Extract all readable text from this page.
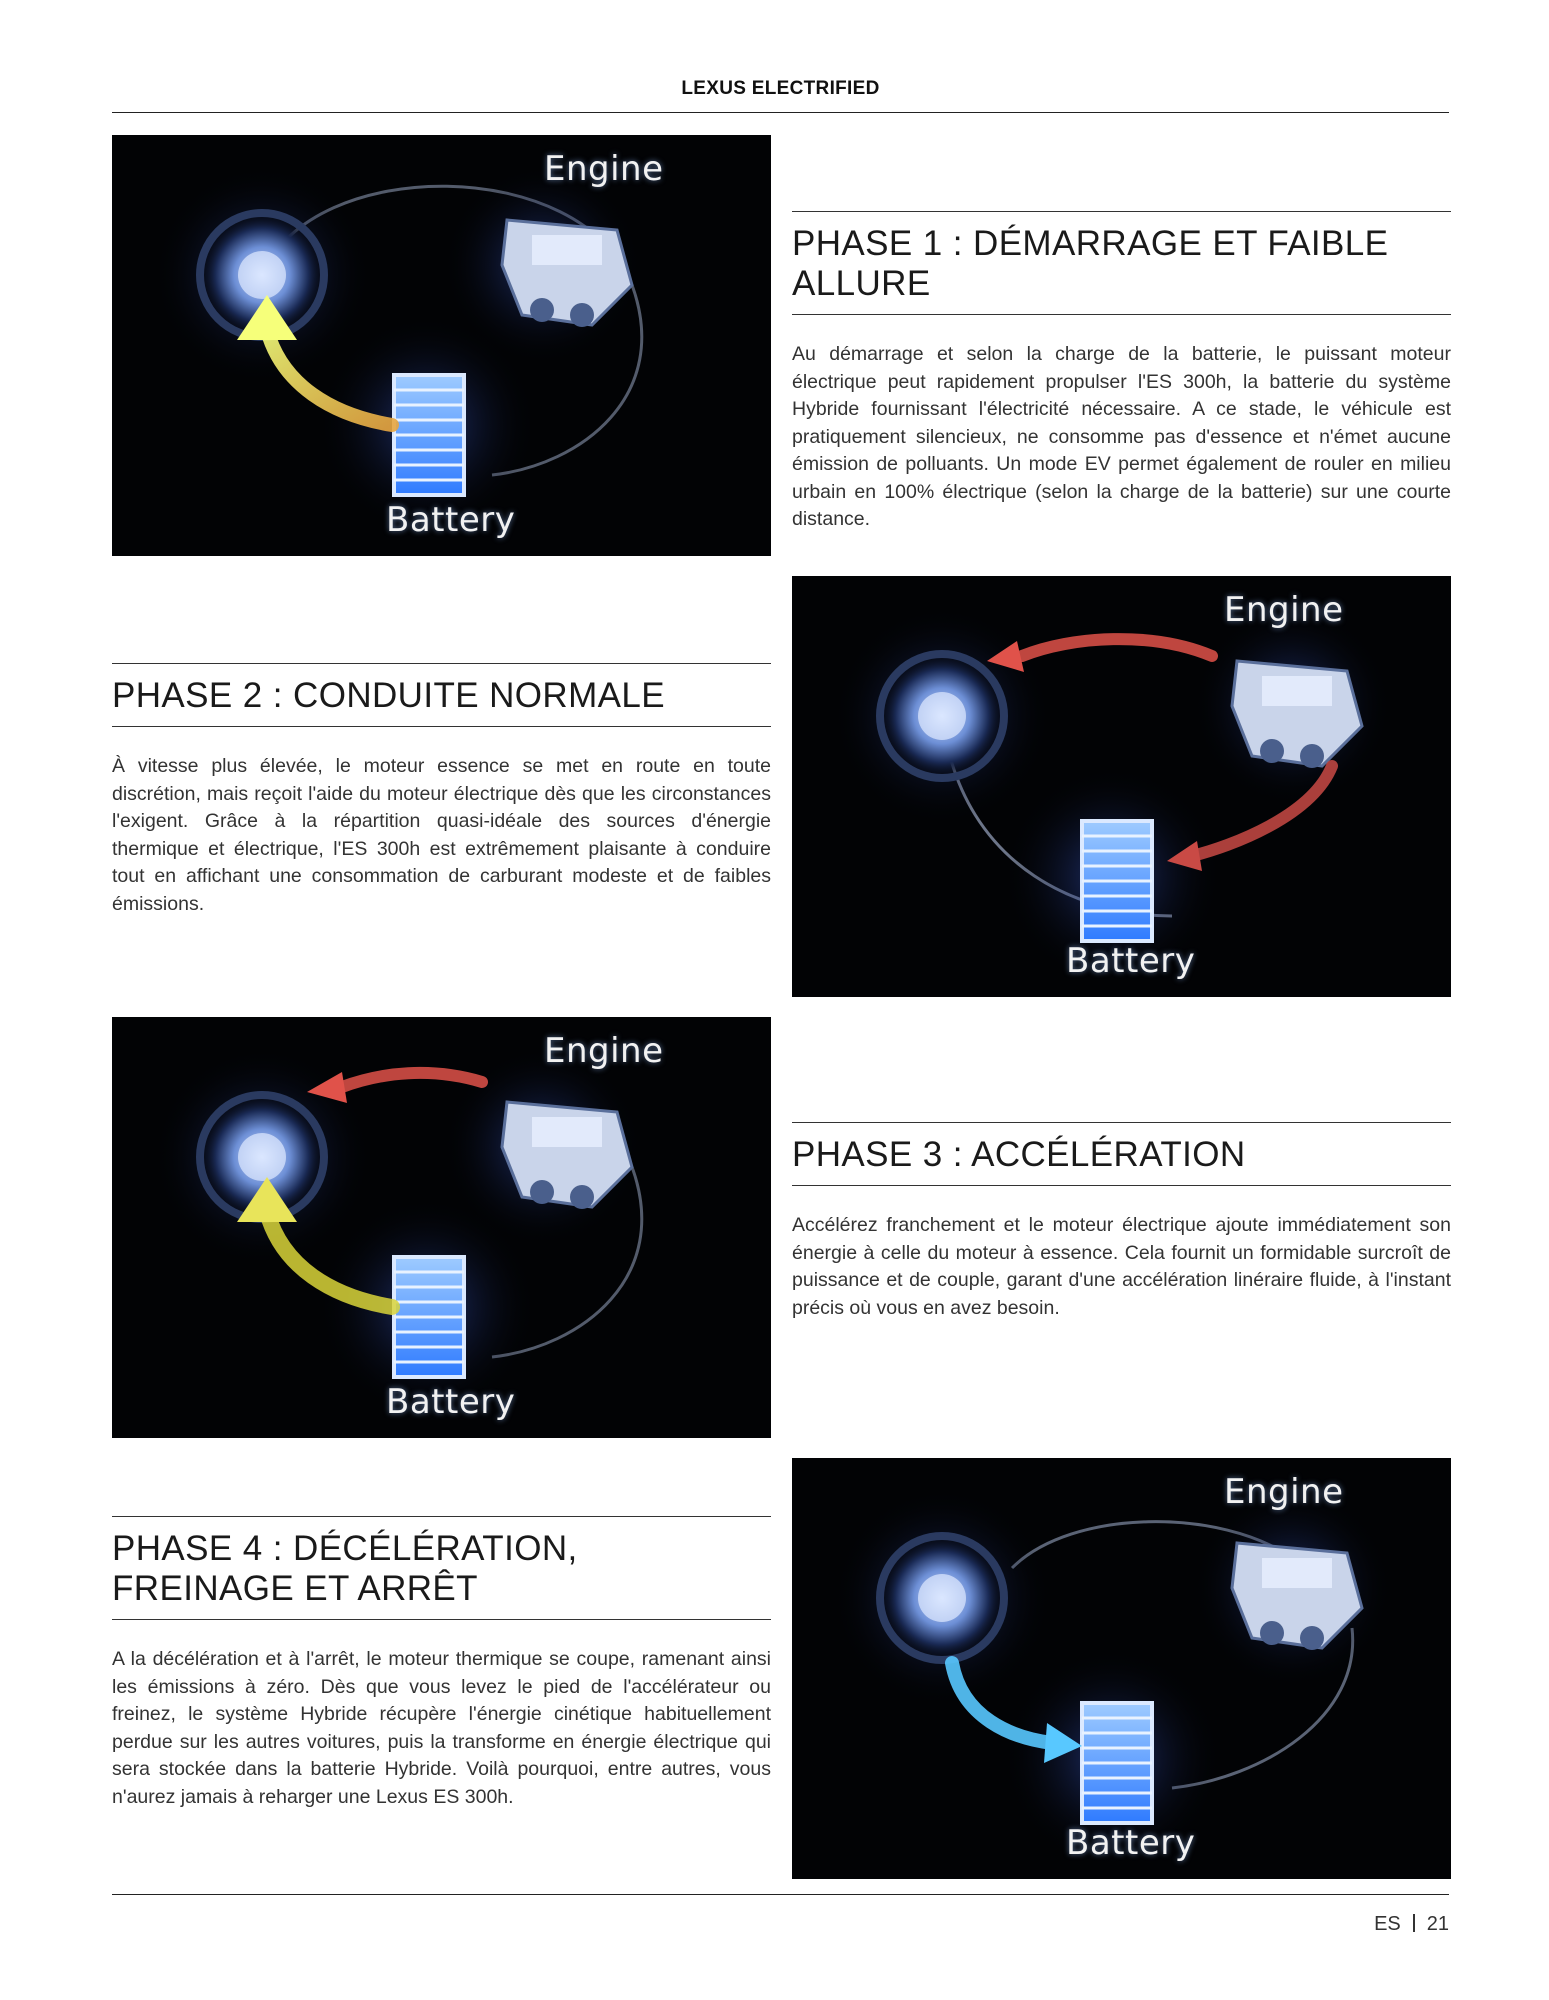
LEXUS ELECTRIFIED
Engine
Battery
PHASE 1 : DÉMARRAGE ET FAIBLE ALLURE

Au démarrage et selon la charge de la batterie, le puissant moteur électrique peut rapidement propulser l'ES 300h, la batterie du système Hybride fournissant l'électricité nécessaire. A ce stade, le véhicule est pratiquement silencieux, ne consomme pas d'essence et n'émet aucune émission de polluants. Un mode EV permet également de rouler en milieu urbain en 100% électrique (selon la charge de la batterie) sur une courte distance.

PHASE 2 : CONDUITE NORMALE

À vitesse plus élevée, le moteur essence se met en route en toute discrétion, mais reçoit l'aide du moteur électrique dès que les circonstances l'exigent. Grâce à la répartition quasi-idéale des sources d'énergie thermique et électrique, l'ES 300h est extrêmement plaisante à conduire tout en affichant une consommation de carburant modeste et de faibles émissions.

Engine
Battery
Engine
Battery
PHASE 3 : ACCÉLÉRATION

Accélérez franchement et le moteur électrique ajoute immédiatement son énergie à celle du moteur à essence. Cela fournit un formidable surcroît de puissance et de couple, garant d'une accélération linéraire fluide, à l'instant précis où vous en avez besoin.

PHASE 4 : DÉCÉLÉRATION,
FREINAGE ET ARRÊT

A la décélération et à l'arrêt, le moteur thermique se coupe, ramenant ainsi les émissions à zéro. Dès que vous levez le pied de l'accélérateur ou freinez, le système Hybride récupère l'énergie cinétique habituellement perdue sur les autres voitures, puis la transforme en énergie électrique qui sera stockée dans la batterie Hybride. Voilà pourquoi, entre autres, vous n'aurez jamais à reharger une Lexus ES 300h.

Engine
Battery
ES 21
